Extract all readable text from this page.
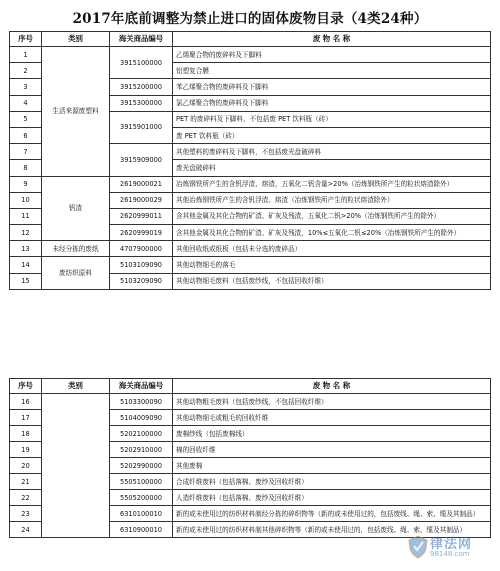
2017年底前调整为禁止进口的固体废物目录（4类24种）
序号	类别	海关商品编号	废 物 名 称
1	生活来源废塑料	3915100000	乙烯聚合物的废碎料及下脚料
2			铝塑复合膜
3		3915200000	苯乙烯聚合物的废碎料及下脚料
4		3915300000	氯乙烯聚合物的废碎料及下脚料
5		3915901000	PET 的废碎料及下脚料，不包括废 PET 饮料瓶（砖）
6			废 PET 饮料瓶（砖）
7		3915909000	其他塑料的废碎料及下脚料，不包括废光盘破碎料
8			废光盘破碎料
9	钒渣	2619000021	冶炼钢铁所产生的含钒浮渣、熔渣，五氧化二钒含量>20%（冶炼钢铁所产生的粒状熔渣除外）
10		2619000029	其他冶炼钢铁所产生的含钒浮渣、熔渣（冶炼钢铁所产生的粒状熔渣除外）
11		2620999011	含其他金属及其化合物的矿渣、矿灰及残渣，五氧化二钒>20%（冶炼钢铁所产生的除外）
12		2620999019	含其他金属及其化合物的矿渣、矿灰及残渣，10%≤五氧化二钒≤20%（冶炼钢铁所产生的除外）
13	未经分拣的废纸	4707900000	其他回收纸或纸板（包括未分选的废碎品）
14	废纺织原料	5103109090	其他动物细毛的落毛
15		5103209090	其他动物细毛废料（包括废纱线，不包括回收纤维）
序号	类别	海关商品编号	废 物 名 称
16		5103300090	其他动物粗毛废料（包括废纱线，不包括回收纤维）
17		5104009090	其他动物细毛或粗毛的回收纤维
18		5202100000	废棉纱线（包括废棉线）
19		5202910000	棉的回收纤维
20		5202990000	其他废棉
21		5505100000	合成纤维废料（包括落棉、废纱及回收纤维）
22		5505200000	人造纤维废料（包括落棉、废纱及回收纤维）
23		6310100010	新的或未使用过的纺织材料制经分拣的碎织物等（新的或未使用过的，包括废线、绳、索、缆及其制品）
24		6310900010	新的或未使用过的纺织材料制其他碎织物等（新的或未使用过的，包括废线、绳、索、缆及其制品）
律法网
98148.com
